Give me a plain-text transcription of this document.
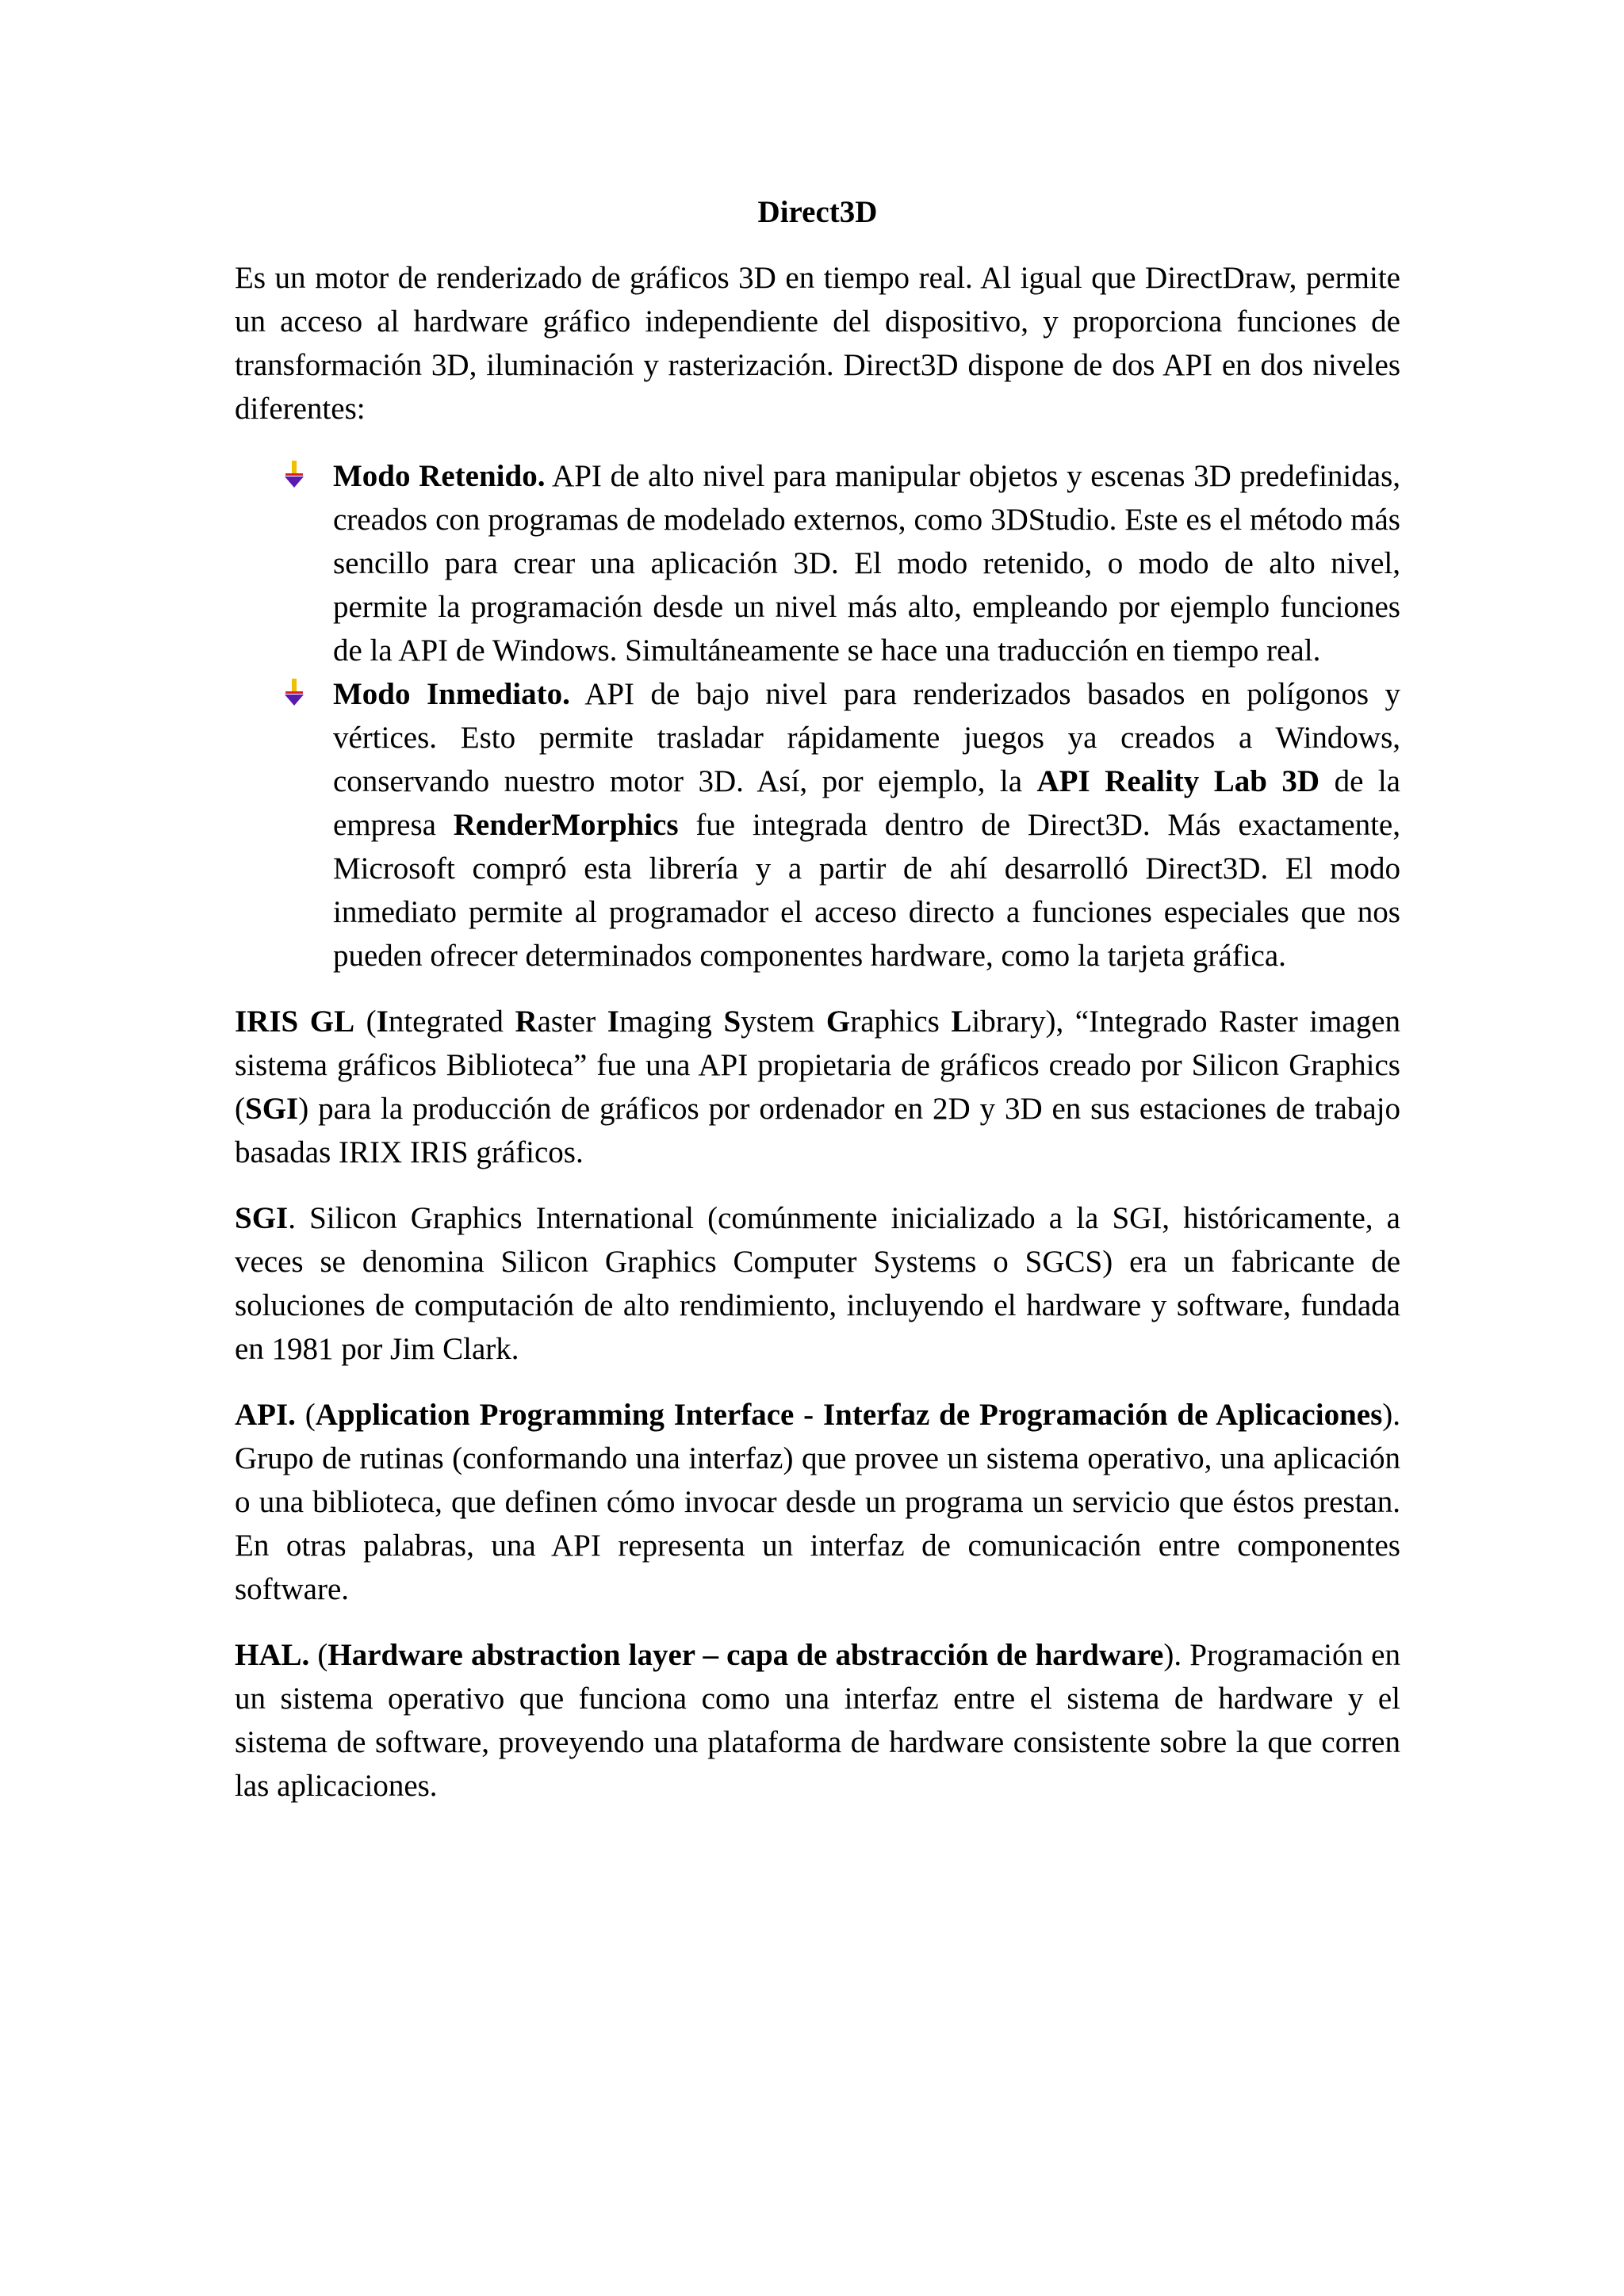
Direct3D

Es un motor de renderizado de gráficos 3D en tiempo real. Al igual que DirectDraw, permite un acceso al hardware gráfico independiente del dispositivo, y proporciona funciones de transformación 3D, iluminación y rasterización. Direct3D dispone de dos API en dos niveles diferentes:

Modo Retenido. API de alto nivel para manipular objetos y escenas 3D predefinidas, creados con programas de modelado externos, como 3DStudio. Este es el método más sencillo para crear una aplicación 3D. El modo retenido, o modo de alto nivel, permite la programación desde un nivel más alto, empleando por ejemplo funciones de la API de Windows. Simultáneamente se hace una traducción en tiempo real.
Modo Inmediato. API de bajo nivel para renderizados basados en polígonos y vértices. Esto permite trasladar rápidamente juegos ya creados a Windows, conservando nuestro motor 3D. Así, por ejemplo, la API Reality Lab 3D de la empresa RenderMorphics fue integrada dentro de Direct3D. Más exactamente, Microsoft compró esta librería y a partir de ahí desarrolló Direct3D. El modo inmediato permite al programador el acceso directo a funciones especiales que nos pueden ofrecer determinados componentes hardware, como la tarjeta gráfica.

IRIS GL (Integrated Raster Imaging System Graphics Library), “Integrado Raster imagen sistema gráficos Biblioteca” fue una API propietaria de gráficos creado por Silicon Graphics (SGI) para la producción de gráficos por ordenador en 2D y 3D en sus estaciones de trabajo basadas IRIX IRIS gráficos.

SGI. Silicon Graphics International (comúnmente inicializado a la SGI, históricamente, a veces se denomina Silicon Graphics Computer Systems o SGCS) era un fabricante de soluciones de computación de alto rendimiento, incluyendo el hardware y software, fundada en 1981 por Jim Clark.

API. (Application Programming Interface - Interfaz de Programación de Aplicaciones). Grupo de rutinas (conformando una interfaz) que provee un sistema operativo, una aplicación o una biblioteca, que definen cómo invocar desde un programa un servicio que éstos prestan. En otras palabras, una API representa un interfaz de comunicación entre componentes software.

HAL. (Hardware abstraction layer – capa de abstracción de hardware). Programación en un sistema operativo que funciona como una interfaz entre el sistema de hardware y el sistema de software, proveyendo una plataforma de hardware consistente sobre la que corren las aplicaciones.
